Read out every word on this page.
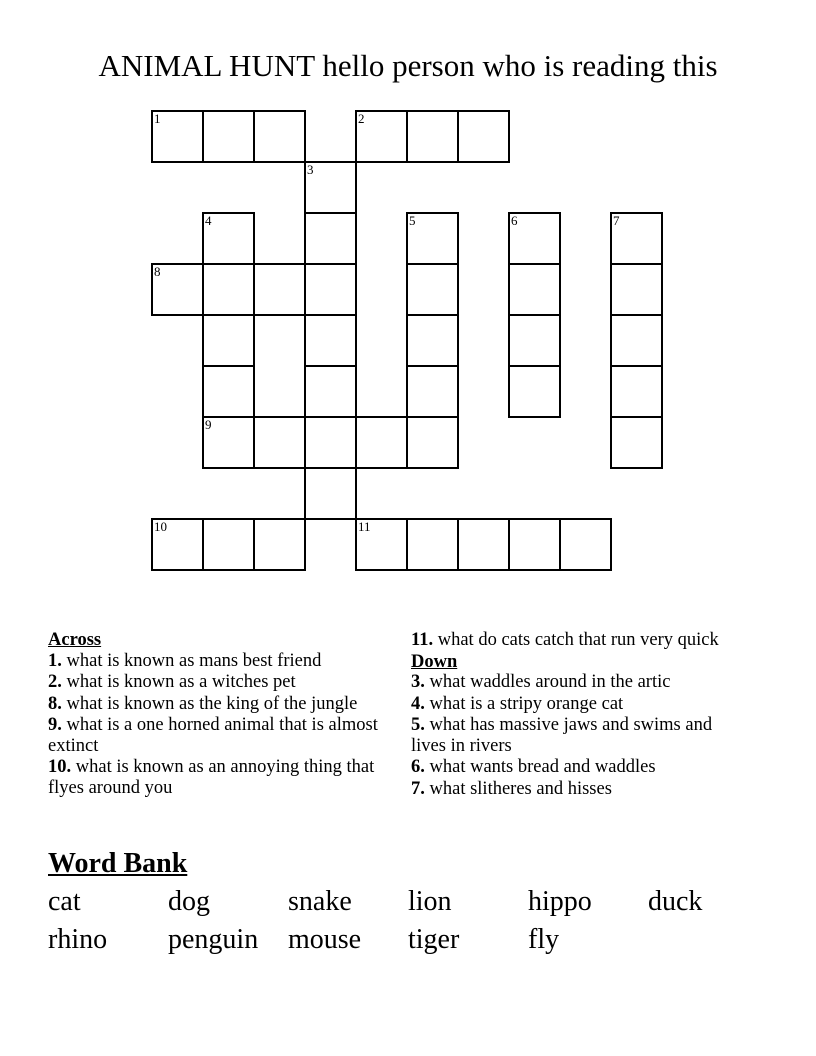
ANIMAL HUNT hello person who is reading this
1	2
3
4	5	6	7
8
9
10	11
Across
1. what is known as mans best friend
2. what is known as a witches pet
8. what is known as the king of the jungle
9. what is a one horned animal that is almost extinct
10. what is known as an annoying thing that flyes around you
11. what do cats catch that run very quick
Down
3. what waddles around in the artic
4. what is a stripy orange cat
5. what has massive jaws and swims and lives in rivers
6. what wants bread and waddles
7. what slitheres and hisses
Word Bank
cat	dog	snake	lion	hippo	duck
rhino	penguin	mouse	tiger	fly
